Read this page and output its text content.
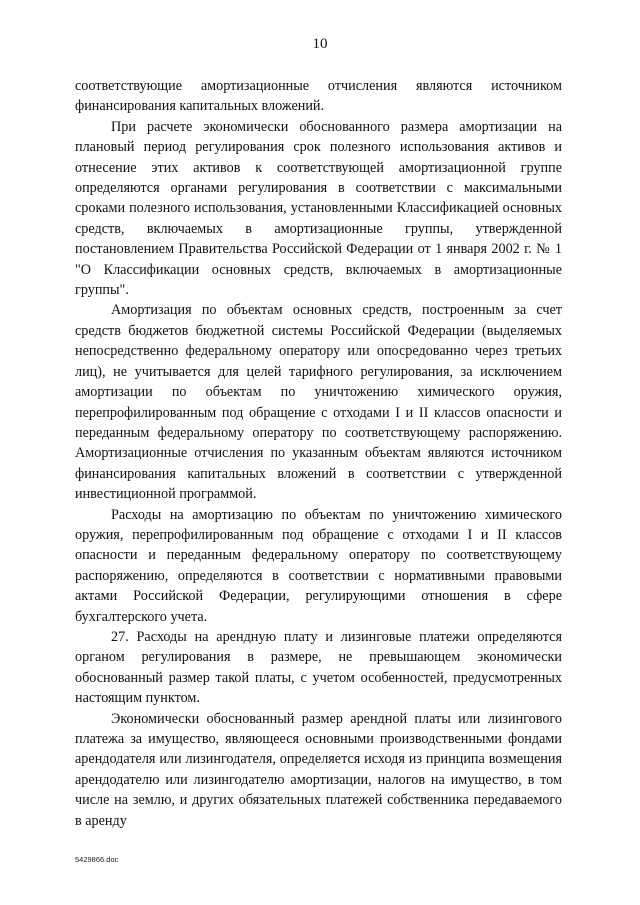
10

соответствующие амортизационные отчисления являются источником финансирования капитальных вложений.

При расчете экономически обоснованного размера амортизации на плановый период регулирования срок полезного использования активов и отнесение этих активов к соответствующей амортизационной группе определяются органами регулирования в соответствии с максимальными сроками полезного использования, установленными Классификацией основных средств, включаемых в амортизационные группы, утвержденной постановлением Правительства Российской Федерации от 1 января 2002 г. № 1 "О Классификации основных средств, включаемых в амортизационные группы".

Амортизация по объектам основных средств, построенным за счет средств бюджетов бюджетной системы Российской Федерации (выделяемых непосредственно федеральному оператору или опосредованно через третьих лиц), не учитывается для целей тарифного регулирования, за исключением амортизации по объектам по уничтожению химического оружия, перепрофилированным под обращение с отходами I и II классов опасности и переданным федеральному оператору по соответствующему распоряжению. Амортизационные отчисления по указанным объектам являются источником финансирования капитальных вложений в соответствии с утвержденной инвестиционной программой.

Расходы на амортизацию по объектам по уничтожению химического оружия, перепрофилированным под обращение с отходами I и II классов опасности и переданным федеральному оператору по соответствующему распоряжению, определяются в соответствии с нормативными правовыми актами Российской Федерации, регулирующими отношения в сфере бухгалтерского учета.

27. Расходы на арендную плату и лизинговые платежи определяются органом регулирования в размере, не превышающем экономически обоснованный размер такой платы, с учетом особенностей, предусмотренных настоящим пунктом.

Экономически обоснованный размер арендной платы или лизингового платежа за имущество, являющееся основными производственными фондами арендодателя или лизингодателя, определяется исходя из принципа возмещения арендодателю или лизингодателю амортизации, налогов на имущество, в том числе на землю, и других обязательных платежей собственника передаваемого в аренду

5429866.doc
